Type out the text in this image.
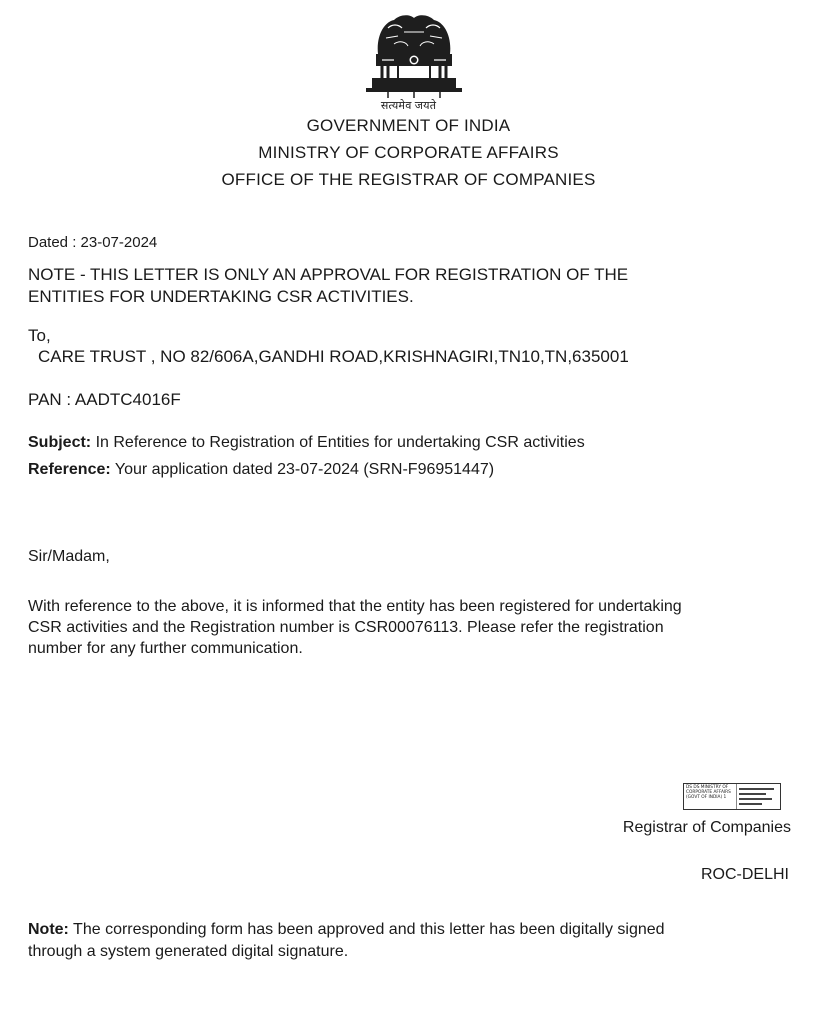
सत्यमेव जयते
GOVERNMENT OF INDIA
MINISTRY OF CORPORATE AFFAIRS
OFFICE OF THE REGISTRAR OF COMPANIES
Dated : 23-07-2024
NOTE - THIS LETTER IS ONLY AN APPROVAL FOR REGISTRATION OF THE
ENTITIES FOR UNDERTAKING CSR ACTIVITIES.
To,
CARE TRUST , NO 82/606A,GANDHI ROAD,KRISHNAGIRI,TN10,TN,635001
PAN : AADTC4016F
Subject: In Reference to Registration of Entities for undertaking CSR activities
Reference: Your application dated 23-07-2024 (SRN-F96951447)
Sir/Madam,
With reference to the above, it is informed that the entity has been registered for undertaking
CSR activities and the Registration number is CSR00076113. Please refer the registration
number for any further communication.
DS DS MINISTRY OF CORPORATE AFFAIRS (GOVT OF INDIA) 1
Registrar of Companies
ROC-DELHI
Note: The corresponding form has been approved and this letter has been digitally signed
through a system generated digital signature.
